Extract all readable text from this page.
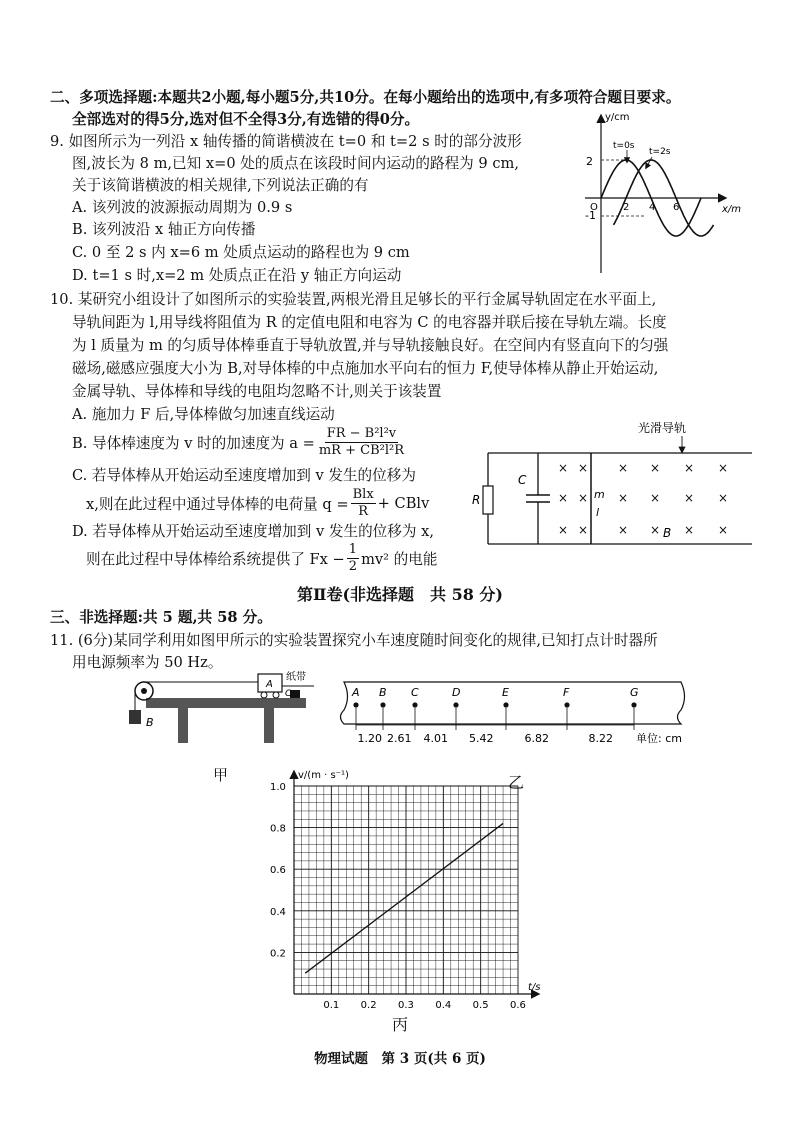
二、多项选择题:本题共2小题,每小题5分,共10分。在每小题给出的选项中,有多项符合题目要求。
全部选对的得5分,选对但不全得3分,有选错的得0分。
9. 如图所示为一列沿 x 轴传播的简谐横波在 t=0 和 t=2 s 时的部分波形
图,波长为 8 m,已知 x=0 处的质点在该段时间内运动的路程为 9 cm,
关于该简谐横波的相关规律,下列说法正确的有
A. 该列波的波源振动周期为 0.9 s
B. 该列波沿 x 轴正方向传播
C. 0 至 2 s 内 x=6 m 处质点运动的路程也为 9 cm
D. t=1 s 时,x=2 m 处质点正在沿 y 轴正方向运动
y/cm
x/m
O
2
-1
2 4 6
t=0s
t=2s
10. 某研究小组设计了如图所示的实验装置,两根光滑且足够长的平行金属导轨固定在水平面上,
导轨间距为 l,用导线将阻值为 R 的定值电阻和电容为 C 的电容器并联后接在导轨左端。长度
为 l 质量为 m 的匀质导体棒垂直于导轨放置,并与导轨接触良好。在空间内有竖直向下的匀强
磁场,磁感应强度大小为 B,对导体棒的中点施加水平向右的恒力 F,使导体棒从静止开始运动,
金属导轨、导体棒和导线的电阻均忽略不计,则关于该装置
A. 施加力 F 后,导体棒做匀加速直线运动
B. 导体棒速度为 v 时的加速度为 $a = \frac{\text{FR − B²l²v}}{\text{mR + CB²l²R}}$
C. 若导体棒从开始运动至速度增加到 v 发生的位移为
x,则在此过程中通过导体棒的电荷量 $q = \frac{\text{Blx}}{R}$ + CBlv
D. 若导体棒从开始运动至速度增加到 v 发生的位移为 x,
则在此过程中导体棒给系统提供了 $Fx - \frac{1}{2} mv^2$ 的电能
光滑导轨
R
C
m
l
× × × × × ×
× × × × × ×
× × × × × ×
B
第Ⅱ卷(非选择题　共 58 分)
三、非选择题:共 5 题,共 58 分。
11. (6分)某同学利用如图甲所示的实验装置探究小车速度随时间变化的规律,已知打点计时器所
用电源频率为 50 Hz。
B
A
纸带
C
甲
A B C	D	E	F	G
1.20 2.61 4.01 5.42	6.82	8.22 单位: cm
乙
0.1 0.2 0.3 0.4 0.5 0.6
0.2
0.4
0.6
0.8
1.0
v/(m · s⁻¹)
t/s
丙
物理试题　第 3 页(共 6 页)
